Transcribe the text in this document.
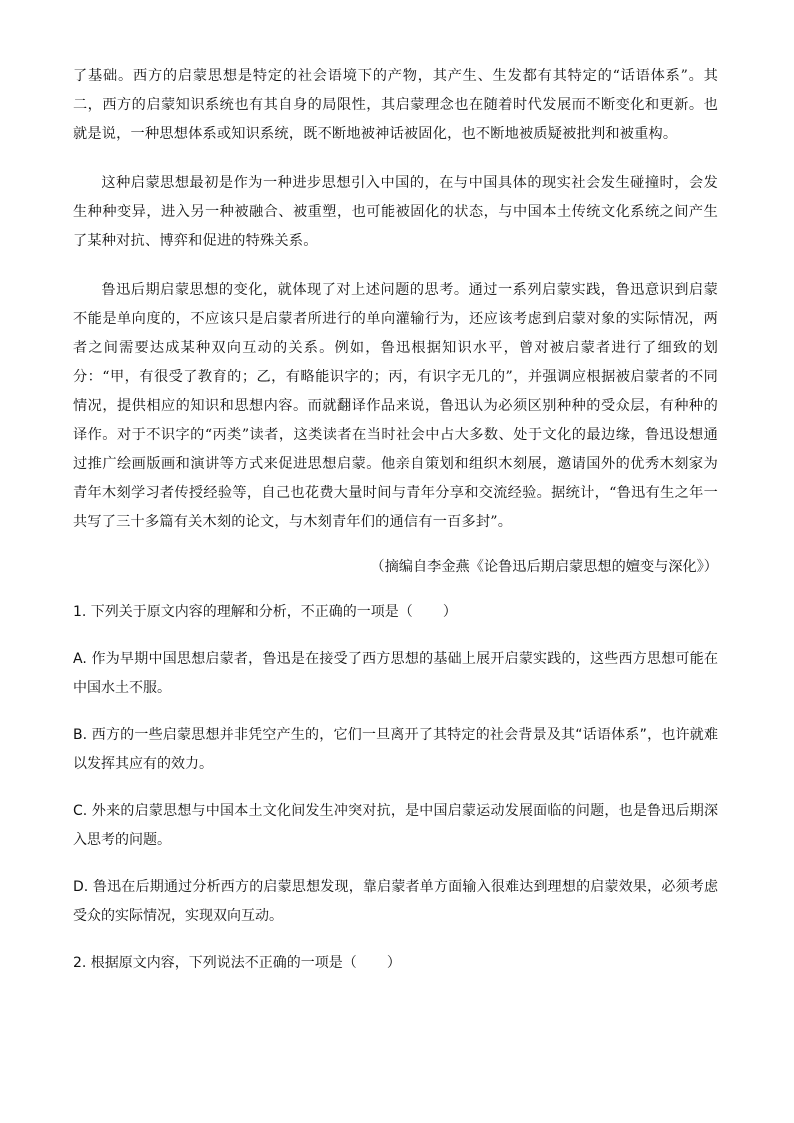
了基础。西方的启蒙思想是特定的社会语境下的产物，其产生、生发都有其特定的“话语体系”。其二，西方的启蒙知识系统也有其自身的局限性，其启蒙理念也在随着时代发展而不断变化和更新。也就是说，一种思想体系或知识系统，既不断地被神话被固化，也不断地被质疑被批判和被重构。

这种启蒙思想最初是作为一种进步思想引入中国的，在与中国具体的现实社会发生碰撞时，会发生种种变异，进入另一种被融合、被重塑，也可能被固化的状态，与中国本土传统文化系统之间产生了某种对抗、博弈和促进的特殊关系。

鲁迅后期启蒙思想的变化，就体现了对上述问题的思考。通过一系列启蒙实践，鲁迅意识到启蒙不能是单向度的，不应该只是启蒙者所进行的单向灌输行为，还应该考虑到启蒙对象的实际情况，两者之间需要达成某种双向互动的关系。例如，鲁迅根据知识水平，曾对被启蒙者进行了细致的划分：“甲，有很受了教育的；乙，有略能识字的；丙，有识字无几的”，并强调应根据被启蒙者的不同情况，提供相应的知识和思想内容。而就翻译作品来说，鲁迅认为必须区别种种的受众层，有种种的译作。对于不识字的“丙类”读者，这类读者在当时社会中占大多数、处于文化的最边缘，鲁迅设想通过推广绘画版画和演讲等方式来促进思想启蒙。他亲自策划和组织木刻展，邀请国外的优秀木刻家为青年木刻学习者传授经验等，自己也花费大量时间与青年分享和交流经验。据统计，“鲁迅有生之年一共写了三十多篇有关木刻的论文，与木刻青年们的通信有一百多封”。

（摘编自李金燕《论鲁迅后期启蒙思想的嬗变与深化》）

1. 下列关于原文内容的理解和分析，不正确的一项是（ ）

A. 作为早期中国思想启蒙者，鲁迅是在接受了西方思想的基础上展开启蒙实践的，这些西方思想可能在中国水土不服。

B. 西方的一些启蒙思想并非凭空产生的，它们一旦离开了其特定的社会背景及其“话语体系”，也许就难以发挥其应有的效力。

C. 外来的启蒙思想与中国本土文化间发生冲突对抗，是中国启蒙运动发展面临的问题，也是鲁迅后期深入思考的问题。

D. 鲁迅在后期通过分析西方的启蒙思想发现，靠启蒙者单方面输入很难达到理想的启蒙效果，必须考虑受众的实际情况，实现双向互动。

2. 根据原文内容，下列说法不正确的一项是（ ）
